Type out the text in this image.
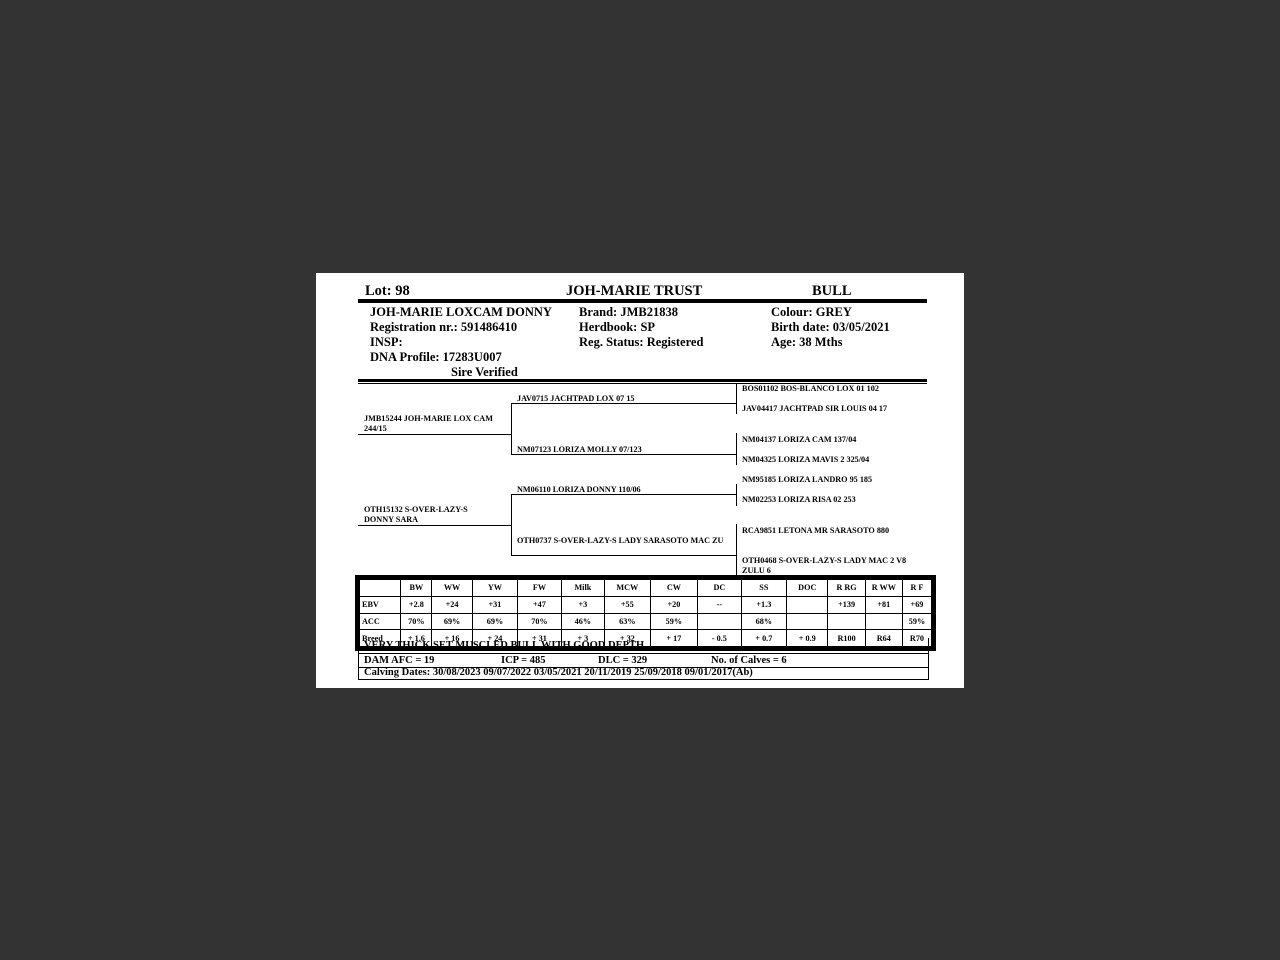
Lot: 98	JOH-MARIE TRUST	BULL
JOH-MARIE LOXCAM DONNY
Registration nr.: 591486410
INSP:
DNA Profile: 17283U007
Sire Verified
Brand: JMB21838
Herdbook: SP
Reg. Status: Registered
Colour: GREY
Birth date: 03/05/2021
Age: 38 Mths
JMB15244 JOH-MARIE LOX CAM 244/15
OTH15132 S-OVER-LAZY-S DONNY SARA
JAV0715 JACHTPAD LOX 07 15
NM07123 LORIZA MOLLY 07/123
NM06110 LORIZA DONNY 110/06
OTH0737 S-OVER-LAZY-S LADY SARASOTO MAC ZU
BOS01102 BOS-BLANCO LOX 01 102
JAV04417 JACHTPAD SIR LOUIS 04 17
NM04137 LORIZA CAM 137/04
NM04325 LORIZA MAVIS 2 325/04
NM95185 LORIZA LANDRO 95 185
NM02253 LORIZA RISA 02 253
RCA9851 LETONA MR SARASOTO 880
OTH0468 S-OVER-LAZY-S LADY MAC 2 V8 ZULU 6
	BW	WW	YW	FW	Milk	MCW	CW	DC	SS	DOC	R RG	R WW	R F
EBV	+2.8	+24	+31	+47	+3	+55	+20	--	+1.3		+139	+81	+69
ACC	70%	69%	69%	70%	46%	63%	59%		68%				59%
Breed	+ 1.6	+ 16	+ 24	+ 31	+ 3	+ 32	+ 17	- 0.5	+ 0.7	+ 0.9	R100	R64	R70
VERY THICK SET MUSCLED BULL WITH GOOD DEPTH.
DAM AFC = 19	ICP = 485	DLC = 329	No. of Calves = 6
Calving Dates: 30/08/2023 09/07/2022 03/05/2021 20/11/2019 25/09/2018 09/01/2017(Ab)
